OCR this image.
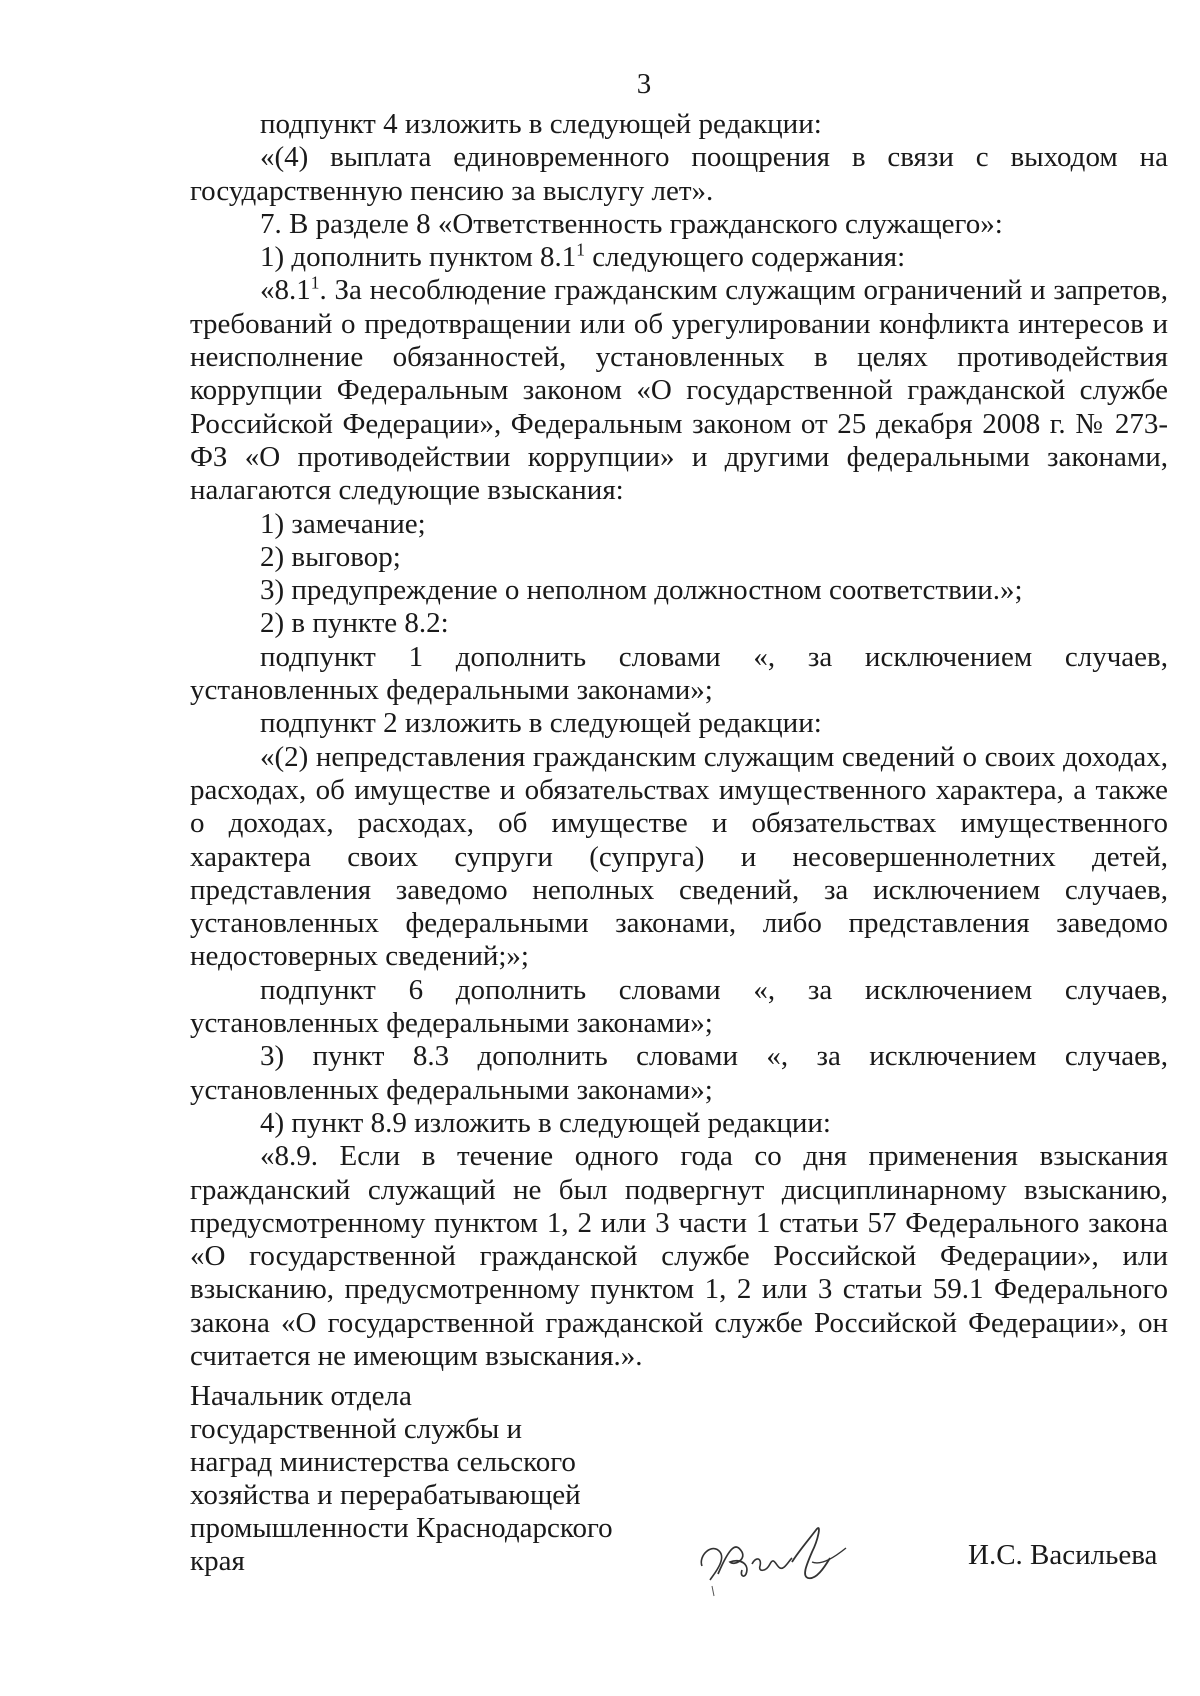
3

подпункт 4 изложить в следующей редакции:

«(4) выплата единовременного поощрения в связи с выходом на государственную пенсию за выслугу лет».

7. В разделе 8 «Ответственность гражданского служащего»:

1) дополнить пунктом $8.1^1$ следующего содержания:

«$8.1^1$. За несоблюдение гражданским служащим ограничений и запретов, требований о предотвращении или об урегулировании конфликта интересов и неисполнение обязанностей, установленных в целях противодействия коррупции Федеральным законом «О государственной гражданской службе Российской Федерации», Федеральным законом от 25 декабря 2008 г. № 273-ФЗ «О противодействии коррупции» и другими федеральными законами, налагаются следующие взыскания:

1) замечание;

2) выговор;

3) предупреждение о неполном должностном соответствии.»;

2) в пункте 8.2:

подпункт 1 дополнить словами «, за исключением случаев, установленных федеральными законами»;

подпункт 2 изложить в следующей редакции:

«(2) непредставления гражданским служащим сведений о своих доходах, расходах, об имуществе и обязательствах имущественного характера, а также о доходах, расходах, об имуществе и обязательствах имущественного характера своих супруги (супруга) и несовершеннолетних детей, представления заведомо неполных сведений, за исключением случаев, установленных федеральными законами, либо представления заведомо недостоверных сведений;»;

подпункт 6 дополнить словами «, за исключением случаев, установленных федеральными законами»;

3) пункт 8.3 дополнить словами «, за исключением случаев, установленных федеральными законами»;

4) пункт 8.9 изложить в следующей редакции:

«8.9. Если в течение одного года со дня применения взыскания гражданский служащий не был подвергнут дисциплинарному взысканию, предусмотренному пунктом 1, 2 или 3 части 1 статьи 57 Федерального закона «О государственной гражданской службе Российской Федерации», или взысканию, предусмотренному пунктом 1, 2 или 3 статьи 59.1 Федерального закона «О государственной гражданской службе Российской Федерации», он считается не имеющим взыскания.».

Начальник отдела
государственной службы и
наград министерства сельского
хозяйства и перерабатывающей
промышленности Краснодарского
края	И.С. Васильева
